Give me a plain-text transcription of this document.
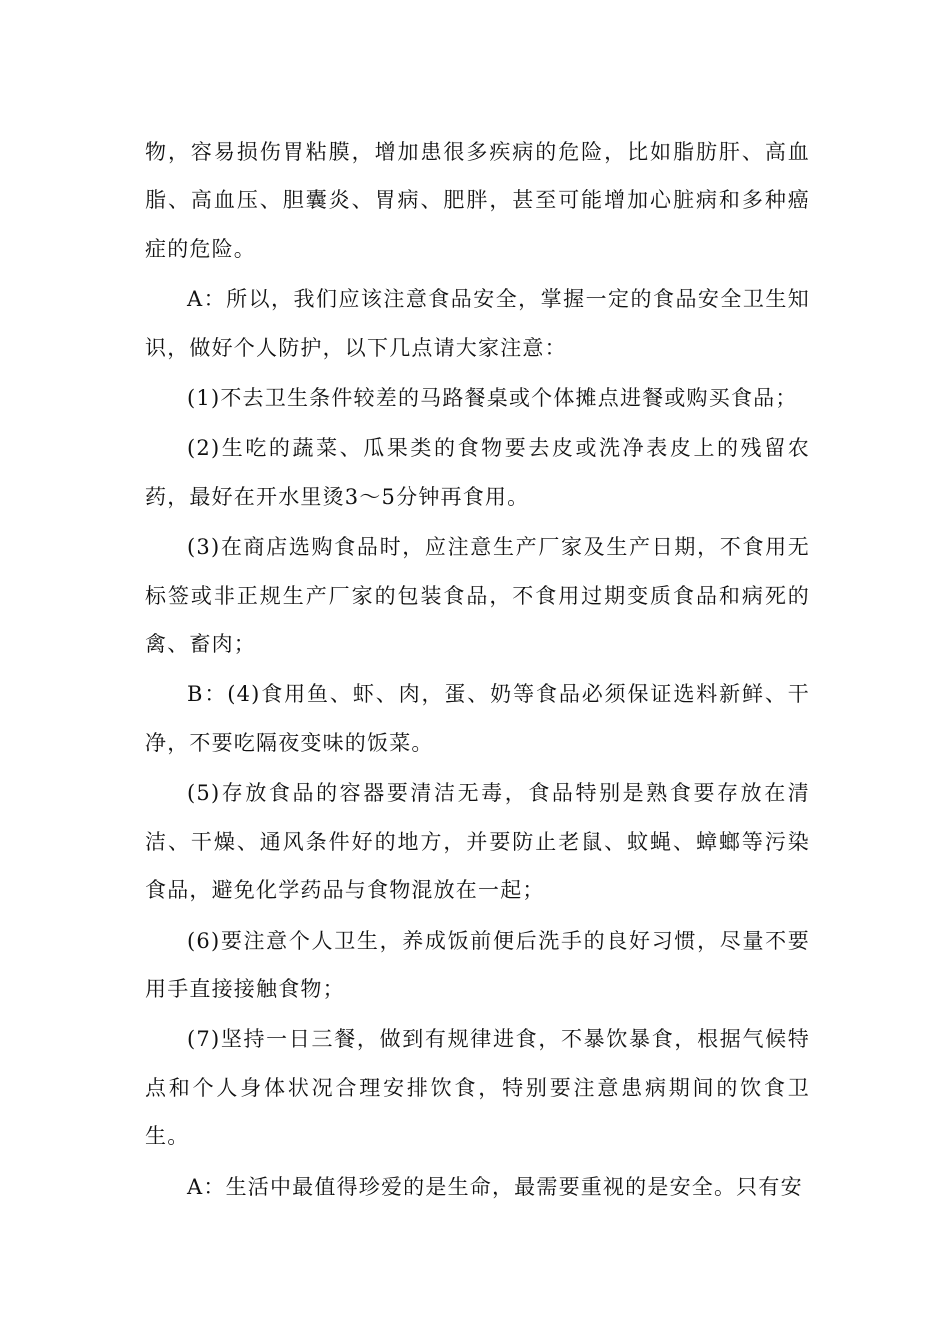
物，容易损伤胃粘膜，增加患很多疾病的危险，比如脂肪肝、高血脂、高血压、胆囊炎、胃病、肥胖，甚至可能增加心脏病和多种癌症的危险。

A：所以，我们应该注意食品安全，掌握一定的食品安全卫生知识，做好个人防护，以下几点请大家注意：

(1)不去卫生条件较差的马路餐桌或个体摊点进餐或购买食品；

(2)生吃的蔬菜、瓜果类的食物要去皮或洗净表皮上的残留农药，最好在开水里烫3～5分钟再食用。

(3)在商店选购食品时，应注意生产厂家及生产日期，不食用无标签或非正规生产厂家的包装食品，不食用过期变质食品和病死的禽、畜肉；

B：(4)食用鱼、虾、肉，蛋、奶等食品必须保证选料新鲜、干净，不要吃隔夜变味的饭菜。

(5)存放食品的容器要清洁无毒，食品特别是熟食要存放在清洁、干燥、通风条件好的地方，并要防止老鼠、蚊蝇、蟑螂等污染食品，避免化学药品与食物混放在一起；

(6)要注意个人卫生，养成饭前便后洗手的良好习惯，尽量不要用手直接接触食物；

(7)坚持一日三餐，做到有规律进食，不暴饮暴食，根据气候特点和个人身体状况合理安排饮食，特别要注意患病期间的饮食卫生。

A：生活中最值得珍爱的是生命，最需要重视的是安全。只有安
